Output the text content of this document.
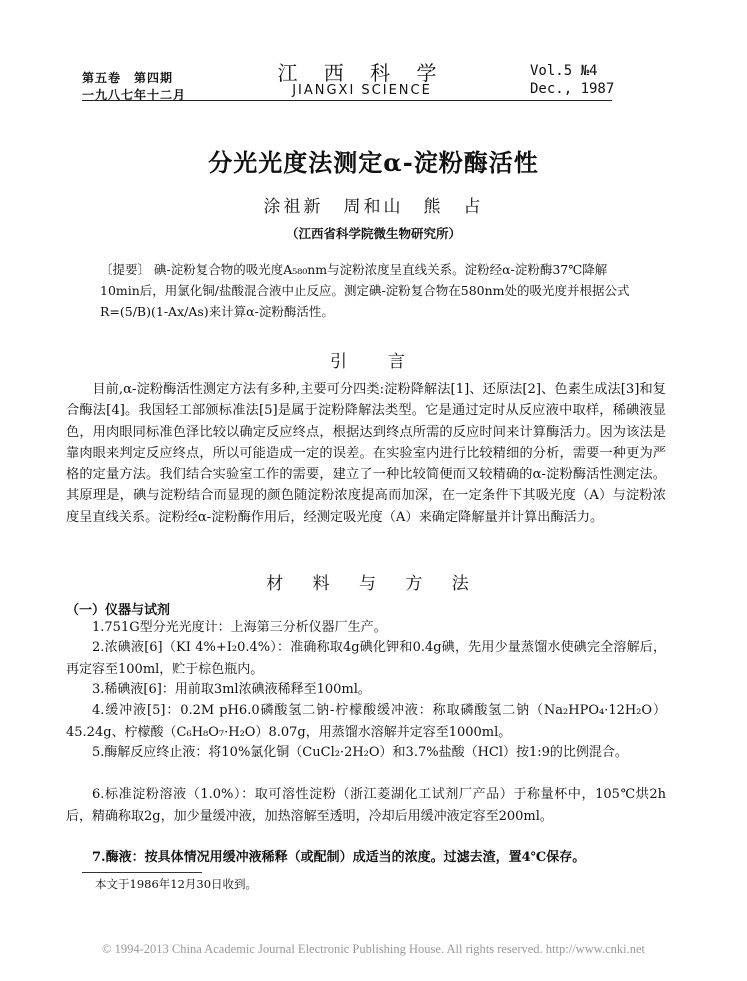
第五卷　第四期
一九八七年十二月
江 西 科 学
JIANGXI SCIENCE
Vol.5 №4
Dec., 1987
分光光度法测定α-淀粉酶活性
涂祖新　周和山　熊　占
（江西省科学院微生物研究所）
〔提要〕 碘-淀粉复合物的吸光度A₅₈₀nm与淀粉浓度呈直线关系。淀粉经α-淀粉酶37℃降解10min后，用氯化铜/盐酸混合液中止反应。测定碘-淀粉复合物在580nm处的吸光度并根据公式R=(5/B)(1-Ax/As)来计算α-淀粉酶活性。
引　言
目前,α-淀粉酶活性测定方法有多种,主要可分四类:淀粉降解法[1]、还原法[2]、色素生成法[3]和复合酶法[4]。我国轻工部颁标准法[5]是属于淀粉降解法类型。它是通过定时从反应液中取样，稀碘液显色，用肉眼同标准色泽比较以确定反应终点，根据达到终点所需的反应时间来计算酶活力。因为该法是靠肉眼来判定反应终点，所以可能造成一定的误差。在实验室内进行比较精细的分析，需要一种更为严格的定量方法。我们结合实验室工作的需要，建立了一种比较简便而又较精确的α-淀粉酶活性测定法。其原理是，碘与淀粉结合而显现的颜色随淀粉浓度提高而加深，在一定条件下其吸光度（A）与淀粉浓度呈直线关系。淀粉经α-淀粉酶作用后，经测定吸光度（A）来确定降解量并计算出酶活力。
材 料 与 方 法
（一）仪器与试剂
1.751G型分光光度计：上海第三分析仪器厂生产。
2.浓碘液[6]（KI 4%+I₂0.4%）：准确称取4g碘化钾和0.4g碘，先用少量蒸馏水使碘完全溶解后，再定容至100ml，贮于棕色瓶内。
3.稀碘液[6]：用前取3ml浓碘液稀释至100ml。
4.缓冲液[5]：0.2M pH6.0磷酸氢二钠-柠檬酸缓冲液：称取磷酸氢二钠（Na₂HPO₄·12H₂O）45.24g、柠檬酸（C₆H₈O₇·H₂O）8.07g，用蒸馏水溶解并定容至1000ml。
5.酶解反应终止液：将10%氯化铜（CuCl₂·2H₂O）和3.7%盐酸（HCl）按1:9的比例混合。
6.标准淀粉溶液（1.0%）：取可溶性淀粉（浙江菱湖化工试剂厂产品）于称量杯中，105℃烘2h后，精确称取2g，加少量缓冲液，加热溶解至透明，冷却后用缓冲液定容至200ml。
7.酶液：按具体情况用缓冲液稀释（或配制）成适当的浓度。过滤去渣，置4℃保存。
本文于1986年12月30日收到。
© 1994-2013 China Academic Journal Electronic Publishing House. All rights reserved. http://www.cnki.net
